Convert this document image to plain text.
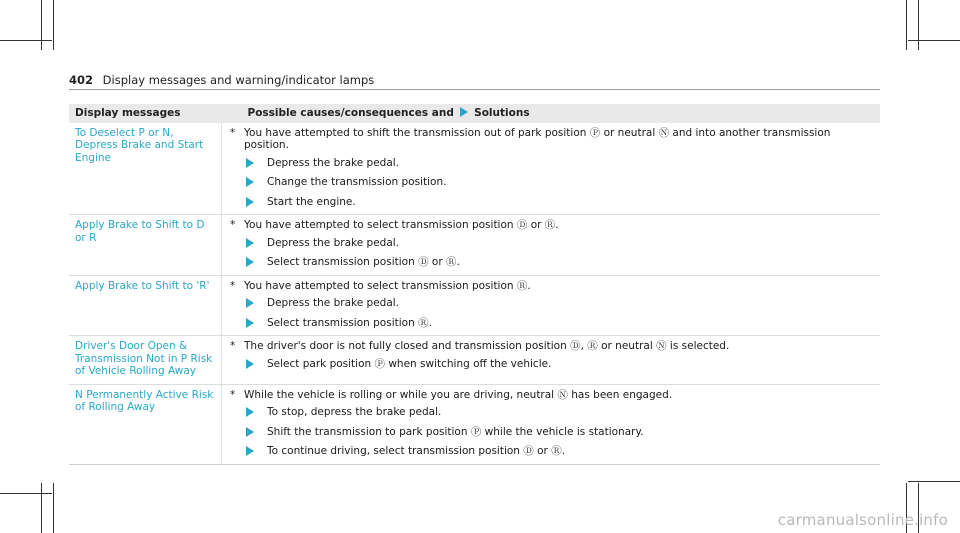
402 Display messages and warning/indicator lamps
Display messages	Possible causes/consequences and Solutions
To Deselect P or N, Depress Brake and Start Engine	* You have attempted to shift the transmission out of park position Ⓟ or neutral Ⓝ and into another transmission position.
Depress the brake pedal.
Change the transmission position.
Start the engine.

Apply Brake to Shift to D or R	* You have attempted to select transmission position Ⓓ or Ⓡ.
Depress the brake pedal.
Select transmission position Ⓓ or Ⓡ.

Apply Brake to Shift to 'R'	* You have attempted to select transmission position Ⓡ.
Depress the brake pedal.
Select transmission position Ⓡ.

Driver's Door Open & Transmission Not in P Risk of Vehicle Rolling Away	* The driver's door is not fully closed and transmission position Ⓓ, Ⓡ or neutral Ⓝ is selected.
Select park position Ⓟ when switching off the vehicle.

N Permanently Active Risk of Rolling Away	* While the vehicle is rolling or while you are driving, neutral Ⓝ has been engaged.
To stop, depress the brake pedal.
Shift the transmission to park position Ⓟ while the vehicle is stationary.
To continue driving, select transmission position Ⓓ or Ⓡ.
carmanualsonline.info
